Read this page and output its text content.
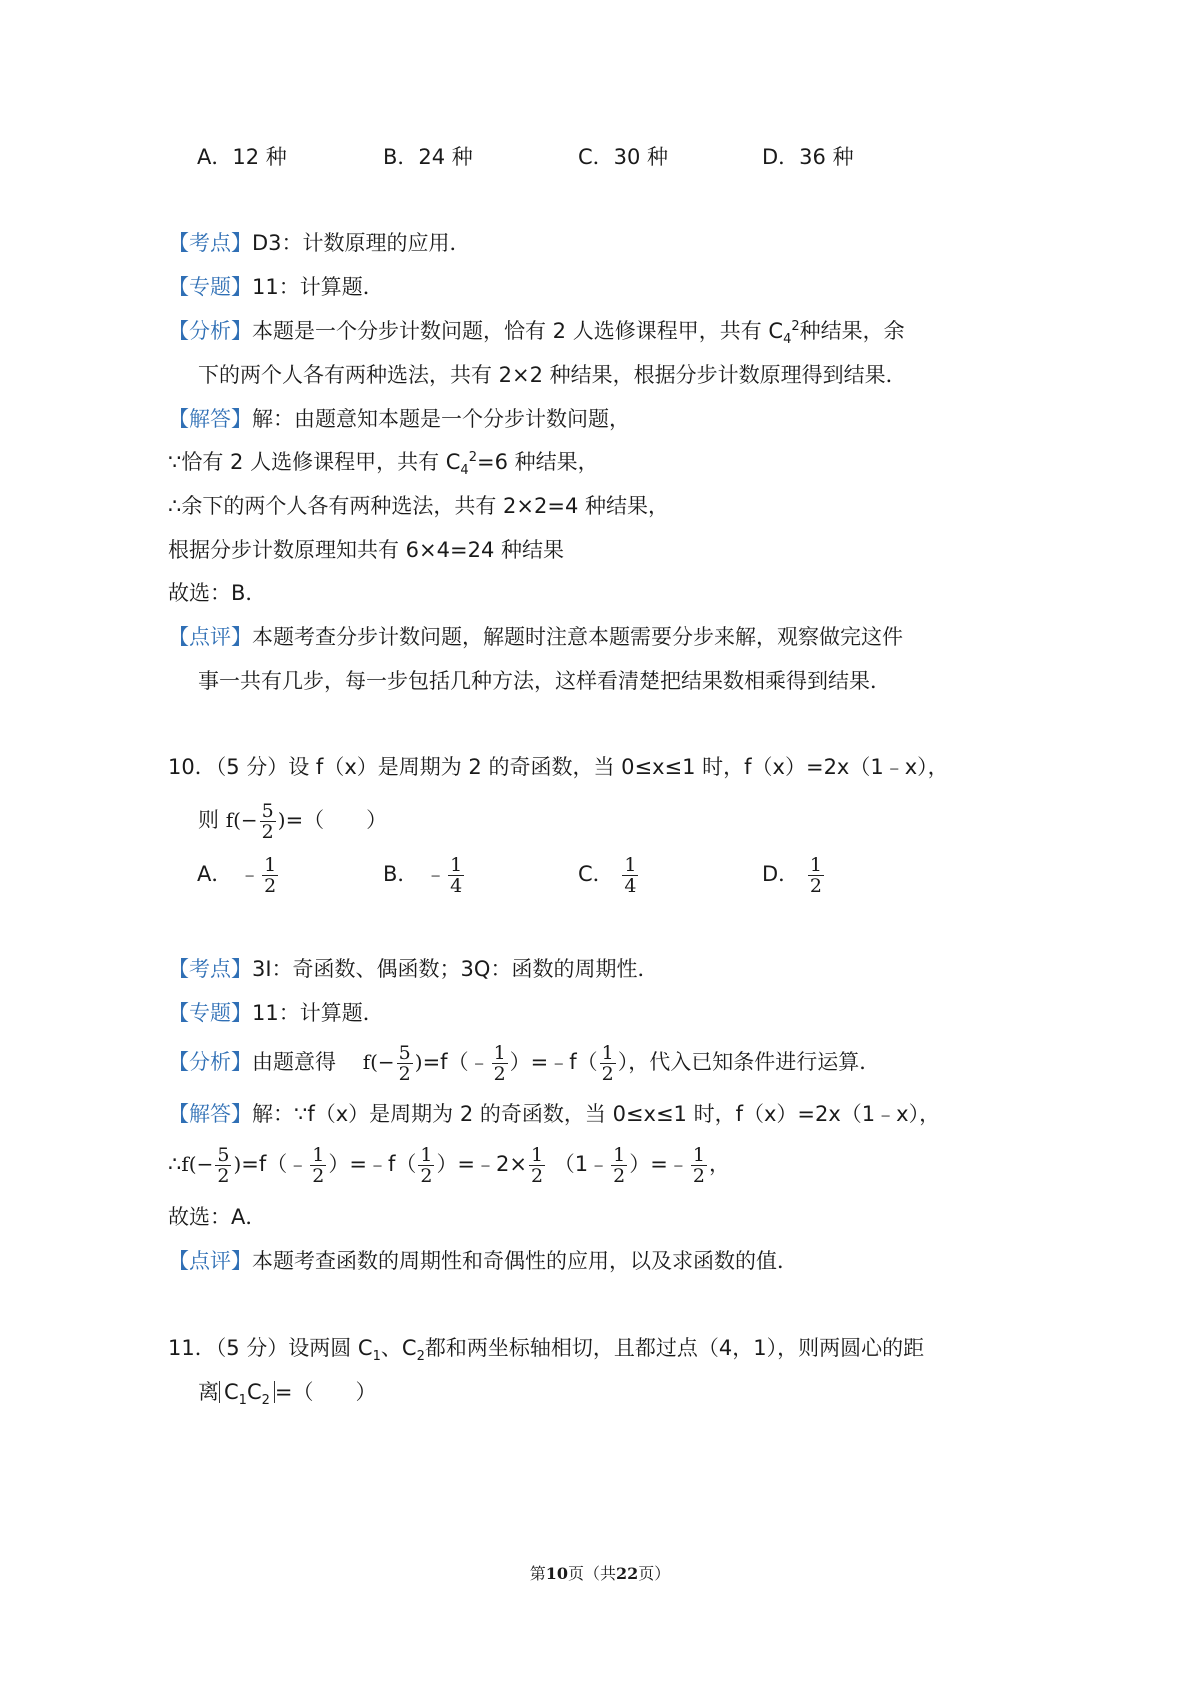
A．12 种	B．24 种	C．30 种	D．36 种
【考点】D3：计数原理的应用．
【专题】11：计算题．
【分析】本题是一个分步计数问题，恰有 2 人选修课程甲，共有 $C_4^2$种结果，余
下的两个人各有两种选法，共有 2×2 种结果，根据分步计数原理得到结果．
【解答】解：由题意知本题是一个分步计数问题，
∵恰有 2 人选修课程甲，共有 $C_4^2=6$ 种结果，
∴余下的两个人各有两种选法，共有 2×2=4 种结果，
根据分步计数原理知共有 6×4=24 种结果
故选：B．
【点评】本题考查分步计数问题，解题时注意本题需要分步来解，观察做完这件
事一共有几步，每一步包括几种方法，这样看清楚把结果数相乘得到结果．
10．（5 分）设 f（x）是周期为 2 的奇函数，当 0≤x≤1 时，f（x）=2x（1﹣x），
则 $f(- \frac{5}{2}$ )=（　　）
A． ﹣ $\frac{1}{2}$	B． ﹣ $\frac{1}{4}$	C． $\frac{1}{4}$	D． $\frac{1}{2}$
【考点】3I：奇函数、偶函数；3Q：函数的周期性．
【专题】11：计算题．
【分析】由题意得 $f(- \frac{5}{2}$ )=f（﹣ $\frac{1}{2}$ ）=﹣f（ $\frac{1}{2}$ ），代入已知条件进行运算．
【解答】解：∵f（x）是周期为 2 的奇函数，当 0≤x≤1 时，f（x）=2x（1﹣x），
∴f(− $\frac{5}{2}$ )=f（﹣ $\frac{1}{2}$ ）=﹣f（ $\frac{1}{2}$ ）=﹣2× $\frac{1}{2}$ （1﹣ $\frac{1}{2}$ ）=﹣ $\frac{1}{2}$ ，
故选：A．
【点评】本题考查函数的周期性和奇偶性的应用，以及求函数的值．
11．（5 分）设两圆 $C_1$、$C_2$都和两坐标轴相切，且都过点（4，1），则两圆心的距
离 $C_1C_2$ =（　　）
第10页（共22页）
